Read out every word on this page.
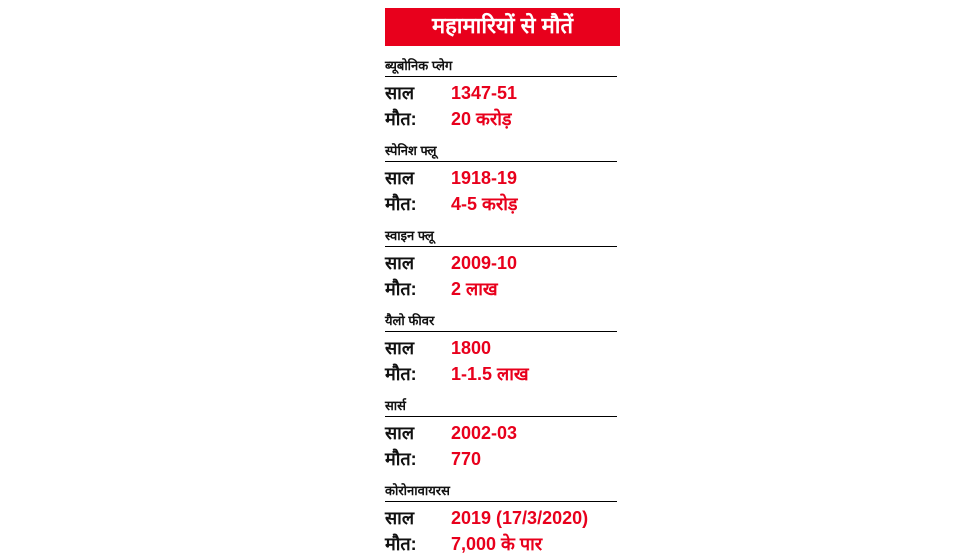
महामारियों से मौतें
ब्यूबोनिक प्लेग
साल	1347-51
मौत:	20 करोड़
स्पेनिश फ्लू
साल	1918-19
मौत:	4-5 करोड़
स्वाइन फ्लू
साल	2009-10
मौत:	2 लाख
यैलो फीवर
साल	1800
मौत:	1-1.5 लाख
सार्स
साल	2002-03
मौत:	770
कोरोनावायरस
साल	2019 (17/3/2020)
मौत:	7,000 के पार
